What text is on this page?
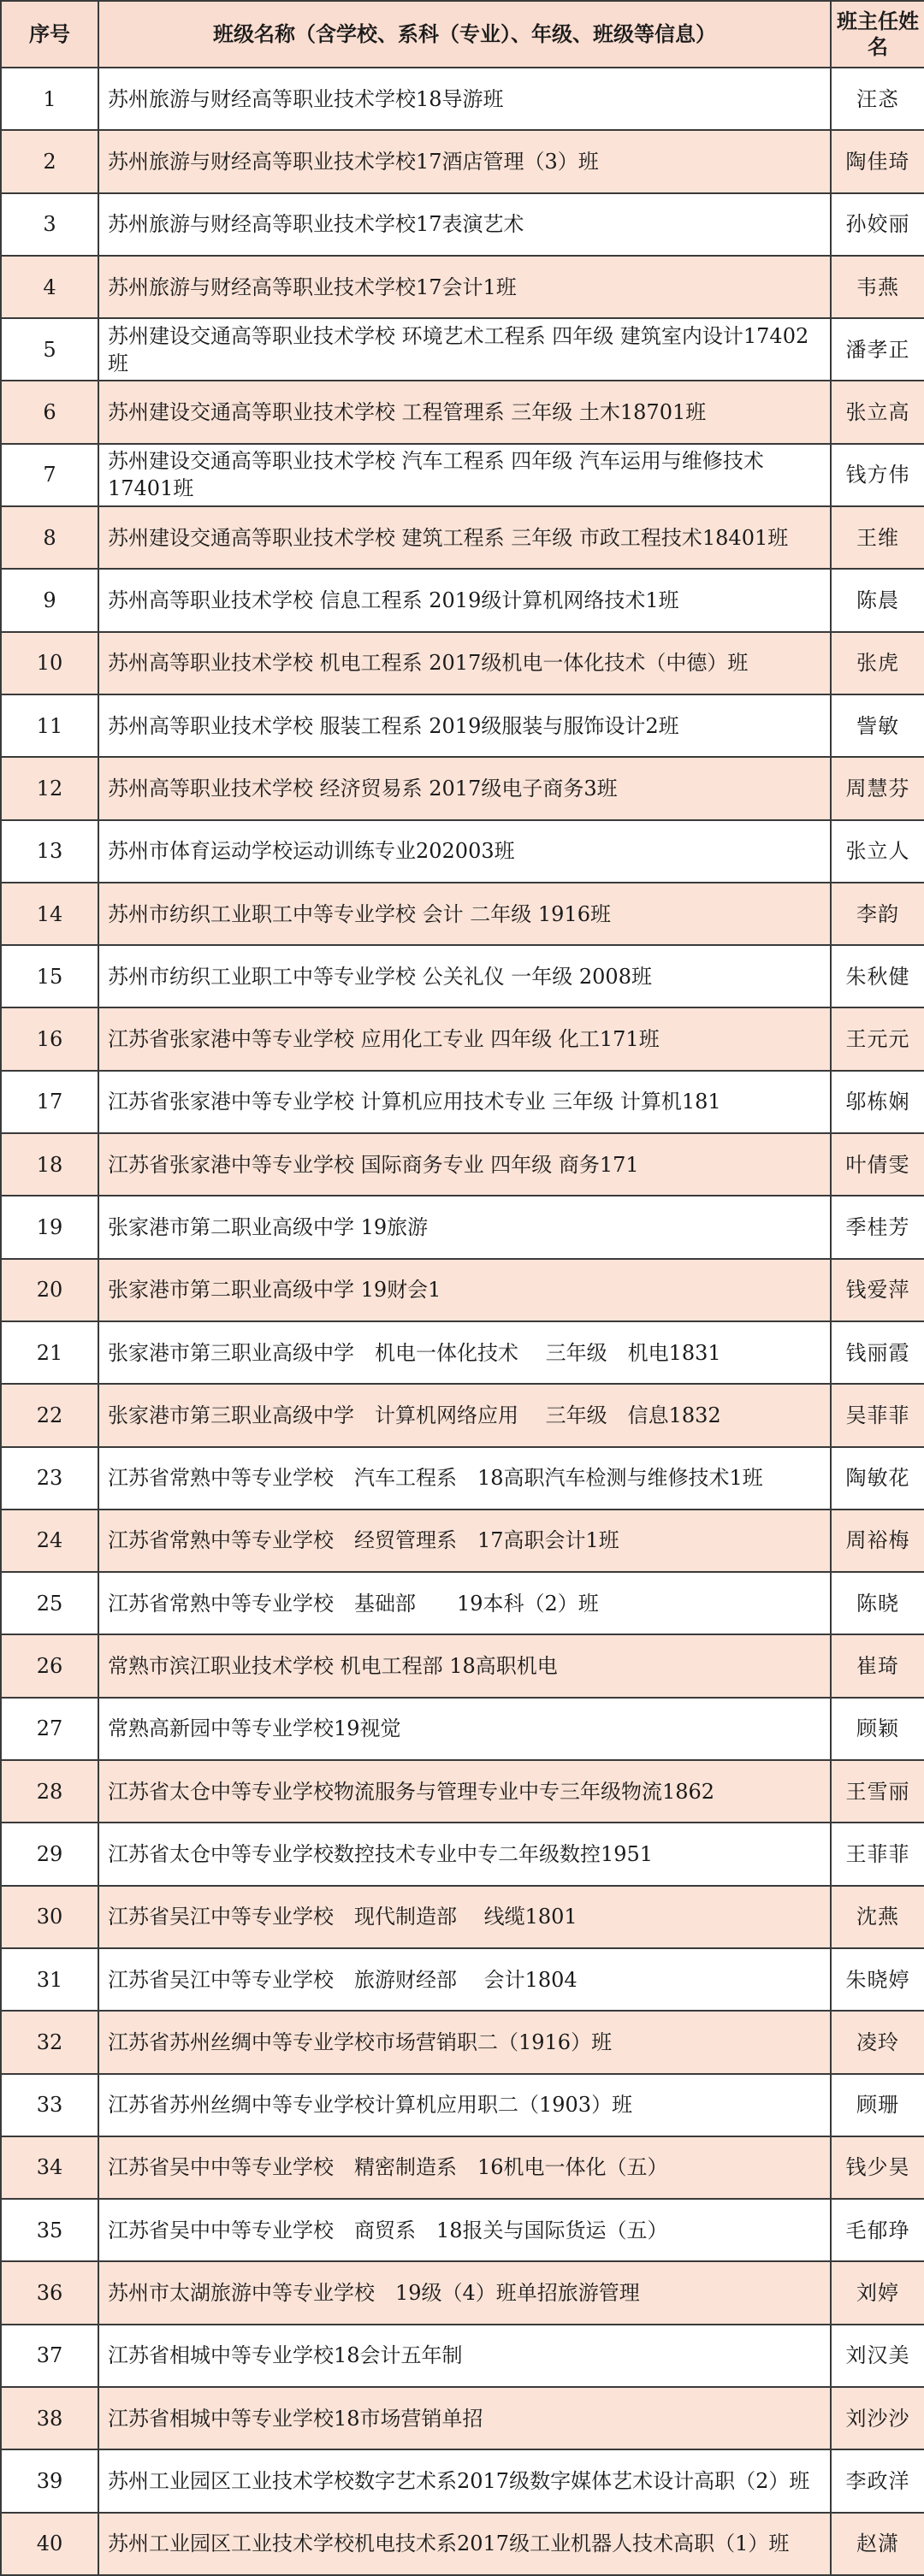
序号	班级名称（含学校、系科（专业）、年级、班级等信息）	班主任姓名
1	苏州旅游与财经高等职业技术学校18导游班	汪忞
2	苏州旅游与财经高等职业技术学校17酒店管理（3）班	陶佳琦
3	苏州旅游与财经高等职业技术学校17表演艺术	孙姣丽
4	苏州旅游与财经高等职业技术学校17会计1班	韦燕
5	苏州建设交通高等职业技术学校 环境艺术工程系 四年级 建筑室内设计17402班	潘孝正
6	苏州建设交通高等职业技术学校 工程管理系 三年级 土木18701班	张立高
7	苏州建设交通高等职业技术学校 汽车工程系 四年级 汽车运用与维修技术17401班	钱方伟
8	苏州建设交通高等职业技术学校 建筑工程系 三年级 市政工程技术18401班	王维
9	苏州高等职业技术学校 信息工程系 2019级计算机网络技术1班	陈晨
10	苏州高等职业技术学校 机电工程系 2017级机电一体化技术（中德）班	张虎
11	苏州高等职业技术学校 服装工程系 2019级服装与服饰设计2班	訾敏
12	苏州高等职业技术学校 经济贸易系 2017级电子商务3班	周慧芬
13	苏州市体育运动学校运动训练专业202003班	张立人
14	苏州市纺织工业职工中等专业学校 会计 二年级 1916班	李韵
15	苏州市纺织工业职工中等专业学校 公关礼仪 一年级 2008班	朱秋健
16	江苏省张家港中等专业学校 应用化工专业 四年级 化工171班	王元元
17	江苏省张家港中等专业学校 计算机应用技术专业 三年级 计算机181	邬栋娴
18	江苏省张家港中等专业学校 国际商务专业 四年级 商务171	叶倩雯
19	张家港市第二职业高级中学 19旅游	季桂芳
20	张家港市第二职业高级中学 19财会1	钱爱萍
21	张家港市第三职业高级中学　机电一体化技术　 三年级　机电1831	钱丽霞
22	张家港市第三职业高级中学　计算机网络应用　 三年级　信息1832	吴菲菲
23	江苏省常熟中等专业学校　汽车工程系　18高职汽车检测与维修技术1班	陶敏花
24	江苏省常熟中等专业学校　经贸管理系　17高职会计1班	周裕梅
25	江苏省常熟中等专业学校　基础部　　19本科（2）班	陈晓
26	常熟市滨江职业技术学校 机电工程部 18高职机电	崔琦
27	常熟高新园中等专业学校19视觉	顾颖
28	江苏省太仓中等专业学校物流服务与管理专业中专三年级物流1862	王雪丽
29	江苏省太仓中等专业学校数控技术专业中专二年级数控1951	王菲菲
30	江苏省吴江中等专业学校　现代制造部　 线缆1801	沈燕
31	江苏省吴江中等专业学校　旅游财经部　 会计1804	朱晓婷
32	江苏省苏州丝绸中等专业学校市场营销职二（1916）班	凌玲
33	江苏省苏州丝绸中等专业学校计算机应用职二（1903）班	顾珊
34	江苏省吴中中等专业学校　精密制造系　16机电一体化（五）	钱少昊
35	江苏省吴中中等专业学校　商贸系　18报关与国际货运（五）	毛郁琤
36	苏州市太湖旅游中等专业学校　19级（4）班单招旅游管理	刘婷
37	江苏省相城中等专业学校18会计五年制	刘汉美
38	江苏省相城中等专业学校18市场营销单招	刘沙沙
39	苏州工业园区工业技术学校数字艺术系2017级数字媒体艺术设计高职（2）班	李政洋
40	苏州工业园区工业技术学校机电技术系2017级工业机器人技术高职（1）班	赵潇
